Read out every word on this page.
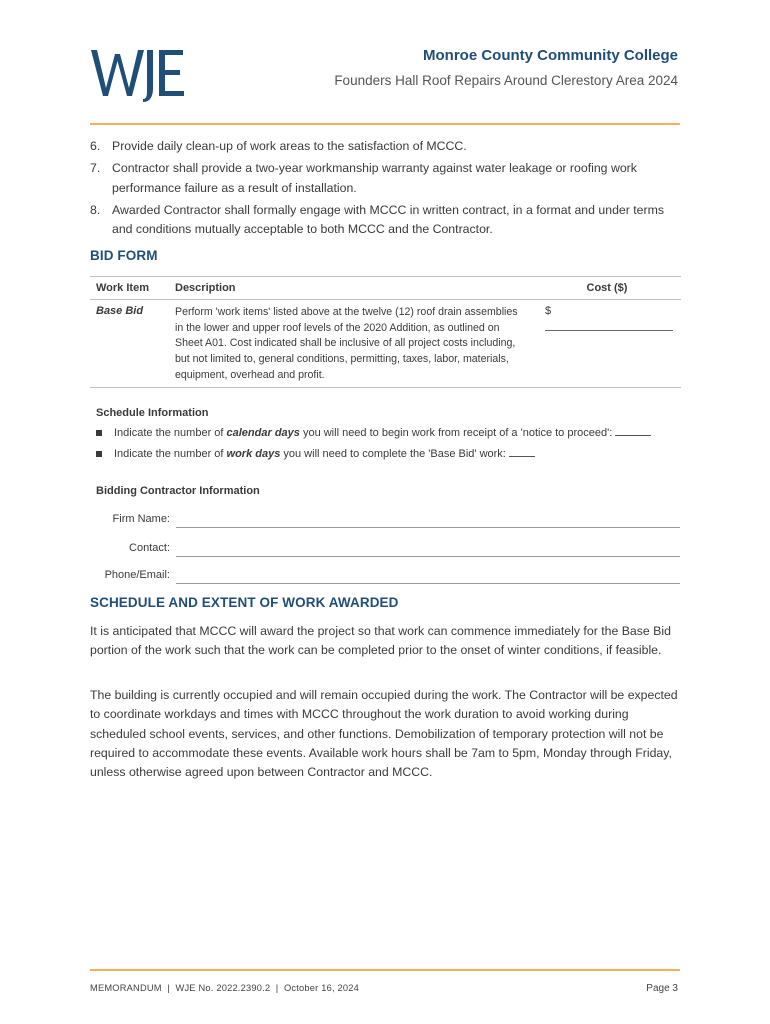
Monroe County Community College
Founders Hall Roof Repairs Around Clerestory Area 2024
6. Provide daily clean-up of work areas to the satisfaction of MCCC.
7. Contractor shall provide a two-year workmanship warranty against water leakage or roofing work performance failure as a result of installation.
8. Awarded Contractor shall formally engage with MCCC in written contract, in a format and under terms and conditions mutually acceptable to both MCCC and the Contractor.
BID FORM
Work Item	Description	Cost ($)
Base Bid	Perform 'work items' listed above at the twelve (12) roof drain assemblies in the lower and upper roof levels of the 2020 Addition, as outlined on Sheet A01. Cost indicated shall be inclusive of all project costs including, but not limited to, general conditions, permitting, taxes, labor, materials, equipment, overhead and profit.	$
Schedule Information
Indicate the number of calendar days you will need to begin work from receipt of a 'notice to proceed':
Indicate the number of work days you will need to complete the 'Base Bid' work:
Bidding Contractor Information
Firm Name:
Contact:
Phone/Email:
SCHEDULE AND EXTENT OF WORK AWARDED
It is anticipated that MCCC will award the project so that work can commence immediately for the Base Bid portion of the work such that the work can be completed prior to the onset of winter conditions, if feasible.
The building is currently occupied and will remain occupied during the work. The Contractor will be expected to coordinate workdays and times with MCCC throughout the work duration to avoid working during scheduled school events, services, and other functions. Demobilization of temporary protection will not be required to accommodate these events. Available work hours shall be 7am to 5pm, Monday through Friday, unless otherwise agreed upon between Contractor and MCCC.
MEMORANDUM  |  WJE No. 2022.2390.2  |  October 16, 2024	Page 3
